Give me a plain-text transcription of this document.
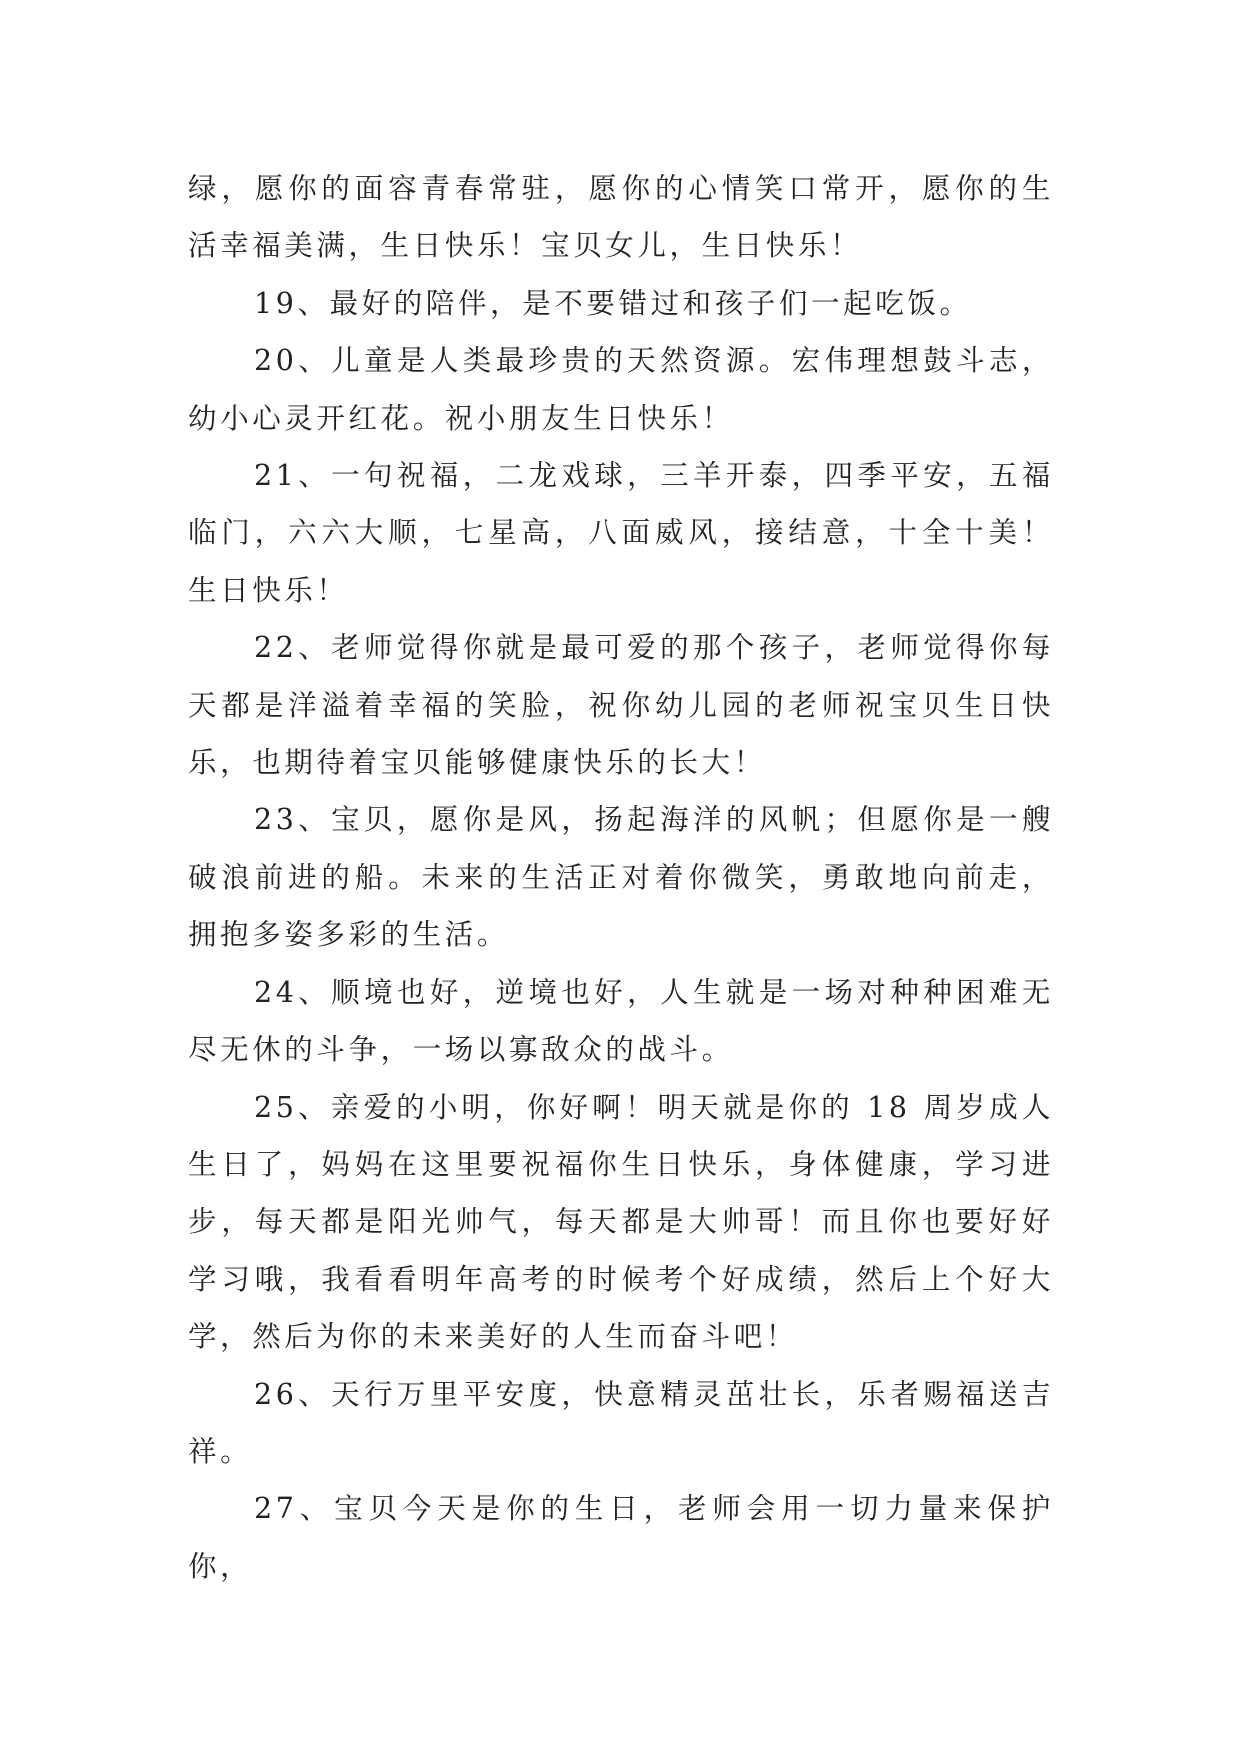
绿，愿你的面容青春常驻，愿你的心情笑口常开，愿你的生活幸福美满，生日快乐！宝贝女儿，生日快乐！

19、最好的陪伴，是不要错过和孩子们一起吃饭。

20、儿童是人类最珍贵的天然资源。宏伟理想鼓斗志，幼小心灵开红花。祝小朋友生日快乐！

21、一句祝福，二龙戏球，三羊开泰，四季平安，五福临门，六六大顺，七星高，八面威风，接结意，十全十美！生日快乐！

22、老师觉得你就是最可爱的那个孩子，老师觉得你每天都是洋溢着幸福的笑脸，祝你幼儿园的老师祝宝贝生日快乐，也期待着宝贝能够健康快乐的长大！

23、宝贝，愿你是风，扬起海洋的风帆；但愿你是一艘破浪前进的船。未来的生活正对着你微笑，勇敢地向前走，拥抱多姿多彩的生活。

24、顺境也好，逆境也好，人生就是一场对种种困难无尽无休的斗争，一场以寡敌众的战斗。

25、亲爱的小明，你好啊！明天就是你的 18 周岁成人生日了，妈妈在这里要祝福你生日快乐，身体健康，学习进步，每天都是阳光帅气，每天都是大帅哥！而且你也要好好学习哦，我看看明年高考的时候考个好成绩，然后上个好大学，然后为你的未来美好的人生而奋斗吧！

26、天行万里平安度，快意精灵茁壮长，乐者赐福送吉祥。

27、宝贝今天是你的生日，老师会用一切力量来保护你，
